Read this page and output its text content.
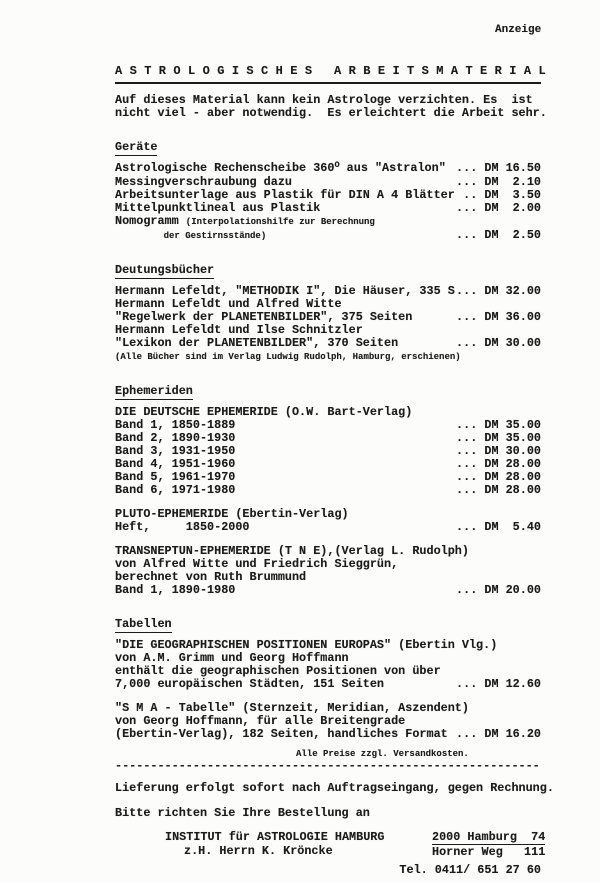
Anzeige
A S T R O L O G I S C H E S   A R B E I T S M A T E R I A L
Auf dieses Material kann kein Astrologe verzichten. Es  ist
nicht viel - aber notwendig.  Es erleichtert die Arbeit sehr.
Geräte
Astrologische Rechenscheibe $360^O$ aus "Astralon" ... DM 16.50
Messingverschraubung dazu	... DM  2.10
Arbeitsunterlage aus Plastik für DIN A 4 Blätter .. DM  3.50
Mittelpunktlineal aus Plastik	... DM  2.00
Nomogramm (Interpolationshilfe zur Berechnung
der Gestirnsstände)	... DM  2.50
Deutungsbücher
Hermann Lefeldt, "METHODIK I", Die Häuser, 335 S ... DM 32.00
Hermann Lefeldt und Alfred Witte
"Regelwerk der PLANETENBILDER", 375 Seiten	... DM 36.00
Hermann Lefeldt und Ilse Schnitzler
"Lexikon der PLANETENBILDER", 370 Seiten	... DM 30.00
(Alle Bücher sind im Verlag Ludwig Rudolph, Hamburg, erschienen)
Ephemeriden
DIE DEUTSCHE EPHEMERIDE (O.W. Bart-Verlag)
Band 1, 1850-1889	... DM 35.00
Band 2, 1890-1930	... DM 35.00
Band 3, 1931-1950	... DM 30.00
Band 4, 1951-1960	... DM 28.00
Band 5, 1961-1970	... DM 28.00
Band 6, 1971-1980	... DM 28.00
PLUTO-EPHEMERIDE (Ebertin-Verlag)
Heft,     1850-2000	... DM  5.40
TRANSNEPTUN-EPHEMERIDE (T N E),(Verlag L. Rudolph)
von Alfred Witte und Friedrich Sieggrün,
berechnet von Ruth Brummund
Band 1, 1890-1980	... DM 20.00
Tabellen
"DIE GEOGRAPHISCHEN POSITIONEN EUROPAS" (Ebertin Vlg.)
von A.M. Grimm und Georg Hoffmann
enthält die geographischen Positionen von über
7,000 europäischen Städten, 151 Seiten	... DM 12.60
"S M A - Tabelle" (Sternzeit, Meridian, Aszendent)
von Georg Hoffmann, für alle Breitengrade
(Ebertin-Verlag), 182 Seiten, handliches Format ... DM 16.20
Alle Preise zzgl. Versandkosten.
------------------------------------------------------------
Lieferung erfolgt sofort nach Auftragseingang, gegen Rechnung.
Bitte richten Sie Ihre Bestellung an
INSTITUT für ASTROLOGIE HAMBURG
z.H. Herrn K. Kröncke
2000 Hamburg  74
Horner Weg   111
Tel. 0411/ 651 27 60
